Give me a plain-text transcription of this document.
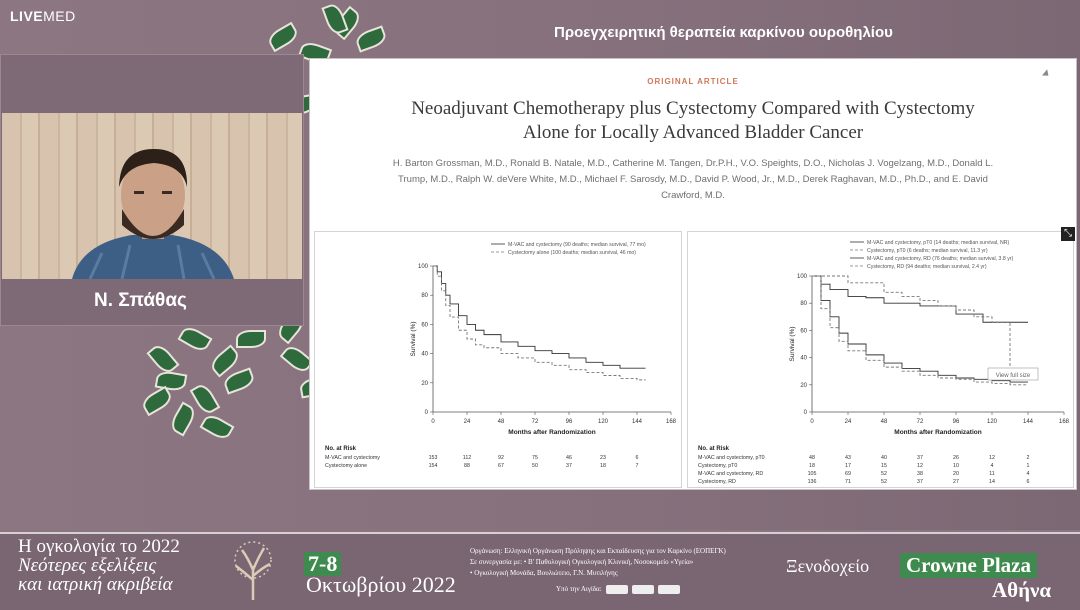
LIVEMED
Προεγχειρητική θεραπεία καρκίνου ουροθηλίου
Ν. Σπάθας
ORIGINAL ARTICLE
Neoadjuvant Chemotherapy plus Cystectomy Compared with Cystectomy
Alone for Locally Advanced Bladder Cancer
H. Barton Grossman, M.D., Ronald B. Natale, M.D., Catherine M. Tangen, Dr.P.H., V.O. Speights, D.O., Nicholas J. Vogelzang, M.D., Donald L.
Trump, M.D., Ralph W. deVere White, M.D., Michael F. Sarosdy, M.D., David P. Wood, Jr., M.D., Derek Raghavan, M.D., Ph.D., and E. David
Crawford, M.D.
0	24	48	72	96	120	144	168
0
20
40
60
80
100
Months after Randomization
Survival (%)
M-VAC and cystectomy (90 deaths; median survival, 77 mo)
Cystectomy alone (100 deaths; median survival, 46 mo)
No. at Risk
M-VAC and cystectomy	153	112	92	75	46	23	6
Cystectomy alone	154	88	67	50	37	18	7
0	24	48	72	96	120	144	168
0
20
40
60
80
100
Months after Randomization
Survival (%)
M-VAC and cystectomy, pT0 (14 deaths; median survival, NR)
Cystectomy, pT0 (6 deaths; median survival, 11.3 yr)
M-VAC and cystectomy, RD (76 deaths; median survival, 3.8 yr)
Cystectomy, RD (94 deaths; median survival, 2.4 yr)
No. at Risk
M-VAC and cystectomy, pT0	48	43	40	37	26	12	2
Cystectomy, pT0	18	17	15	12	10	4	1
M-VAC and cystectomy, RD	105	69	52	38	20	11	4
Cystectomy, RD	136	71	52	37	27	14	6
View full size
⤡
Η ογκολογία το 2022
Νεότερες εξελίξεις
και ιατρική ακριβεία
7-8
Οκτωβρίου 2022
Οργάνωση: Ελληνική Οργάνωση Πρόληψης και Εκπαίδευσης για τον Καρκίνο (ΕΟΠΕΓΚ)
Σε συνεργασία με: • Β' Παθολογική Ογκολογική Κλινική, Νοσοκομείο «Υγεία»
• Ογκολογική Μονάδα, Βουλιώτειο, Γ.Ν. Μυτιλήνης
Υπό την Αιγίδα:
Ξενοδοχείο Crowne Plaza
Αθήνα
